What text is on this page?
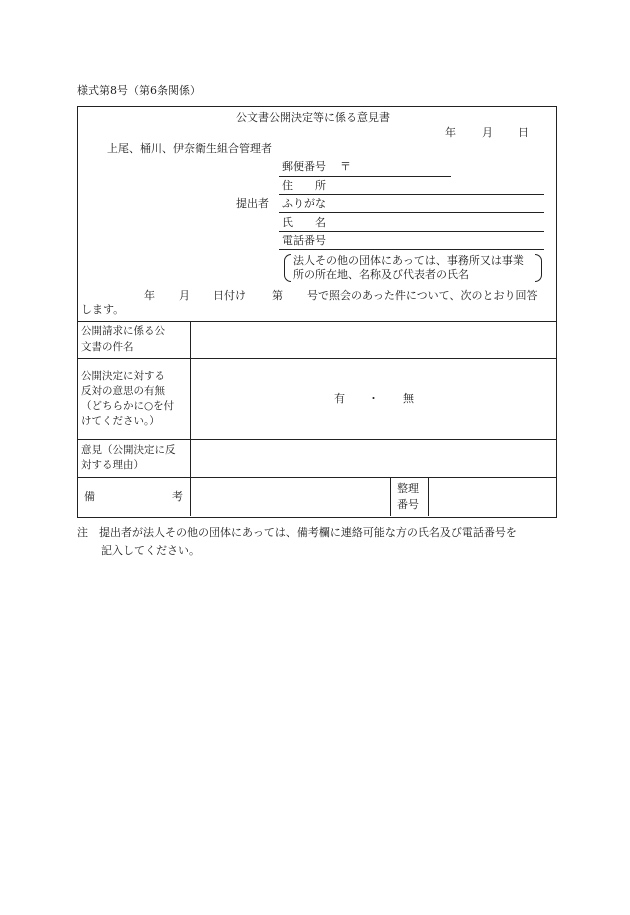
様式第8号（第6条関係）
公文書公開決定等に係る意見書
年 月 日
上尾、桶川、伊奈衛生組合管理者
郵便番号 〒
住　　所
提出者 ふりがな
氏　　名
電話番号
法人その他の団体にあっては、事務所又は事業
所の所在地、名称及び代表者の氏名
年 月 日付け 第 号で照会のあった件について、次のとおり回答
します。
公開請求に係る公
文書の件名
公開決定に対する
反対の意思の有無
（どちらかに○を付
けてください。）
有 ・ 無
意見（公開決定に反
対する理由）
備	考
整理
番号
注　提出者が法人その他の団体にあっては、備考欄に連絡可能な方の氏名及び電話番号を
記入してください。
